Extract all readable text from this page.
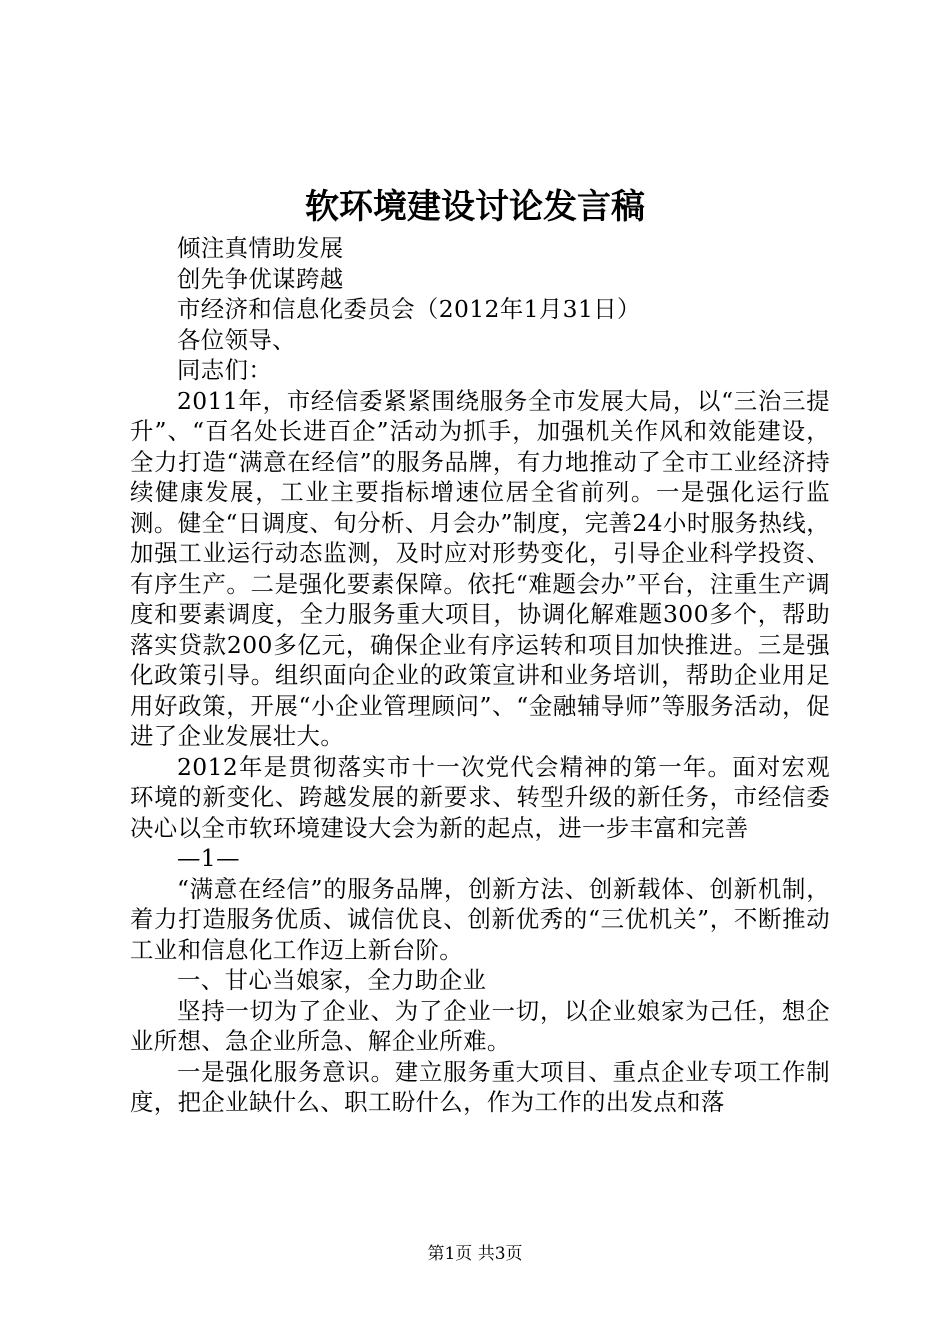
软环境建设讨论发言稿

倾注真情助发展

创先争优谋跨越

市经济和信息化委员会（2012年1月31日）

各位领导、

同志们：

2011年，市经信委紧紧围绕服务全市发展大局，以“三治三提升”、“百名处长进百企”活动为抓手，加强机关作风和效能建设，全力打造“满意在经信”的服务品牌，有力地推动了全市工业经济持续健康发展，工业主要指标增速位居全省前列。一是强化运行监测。健全“日调度、旬分析、月会办”制度，完善24小时服务热线，加强工业运行动态监测，及时应对形势变化，引导企业科学投资、有序生产。二是强化要素保障。依托“难题会办”平台，注重生产调度和要素调度，全力服务重大项目，协调化解难题300多个，帮助落实贷款200多亿元，确保企业有序运转和项目加快推进。三是强化政策引导。组织面向企业的政策宣讲和业务培训，帮助企业用足用好政策，开展“小企业管理顾问”、“金融辅导师”等服务活动，促进了企业发展壮大。

2012年是贯彻落实市十一次党代会精神的第一年。面对宏观环境的新变化、跨越发展的新要求、转型升级的新任务，市经信委决心以全市软环境建设大会为新的起点，进一步丰富和完善

—1—

“满意在经信”的服务品牌，创新方法、创新载体、创新机制，着力打造服务优质、诚信优良、创新优秀的“三优机关”，不断推动工业和信息化工作迈上新台阶。

一、甘心当娘家，全力助企业

坚持一切为了企业、为了企业一切，以企业娘家为己任，想企业所想、急企业所急、解企业所难。

一是强化服务意识。建立服务重大项目、重点企业专项工作制度，把企业缺什么、职工盼什么，作为工作的出发点和落

第1页 共3页
